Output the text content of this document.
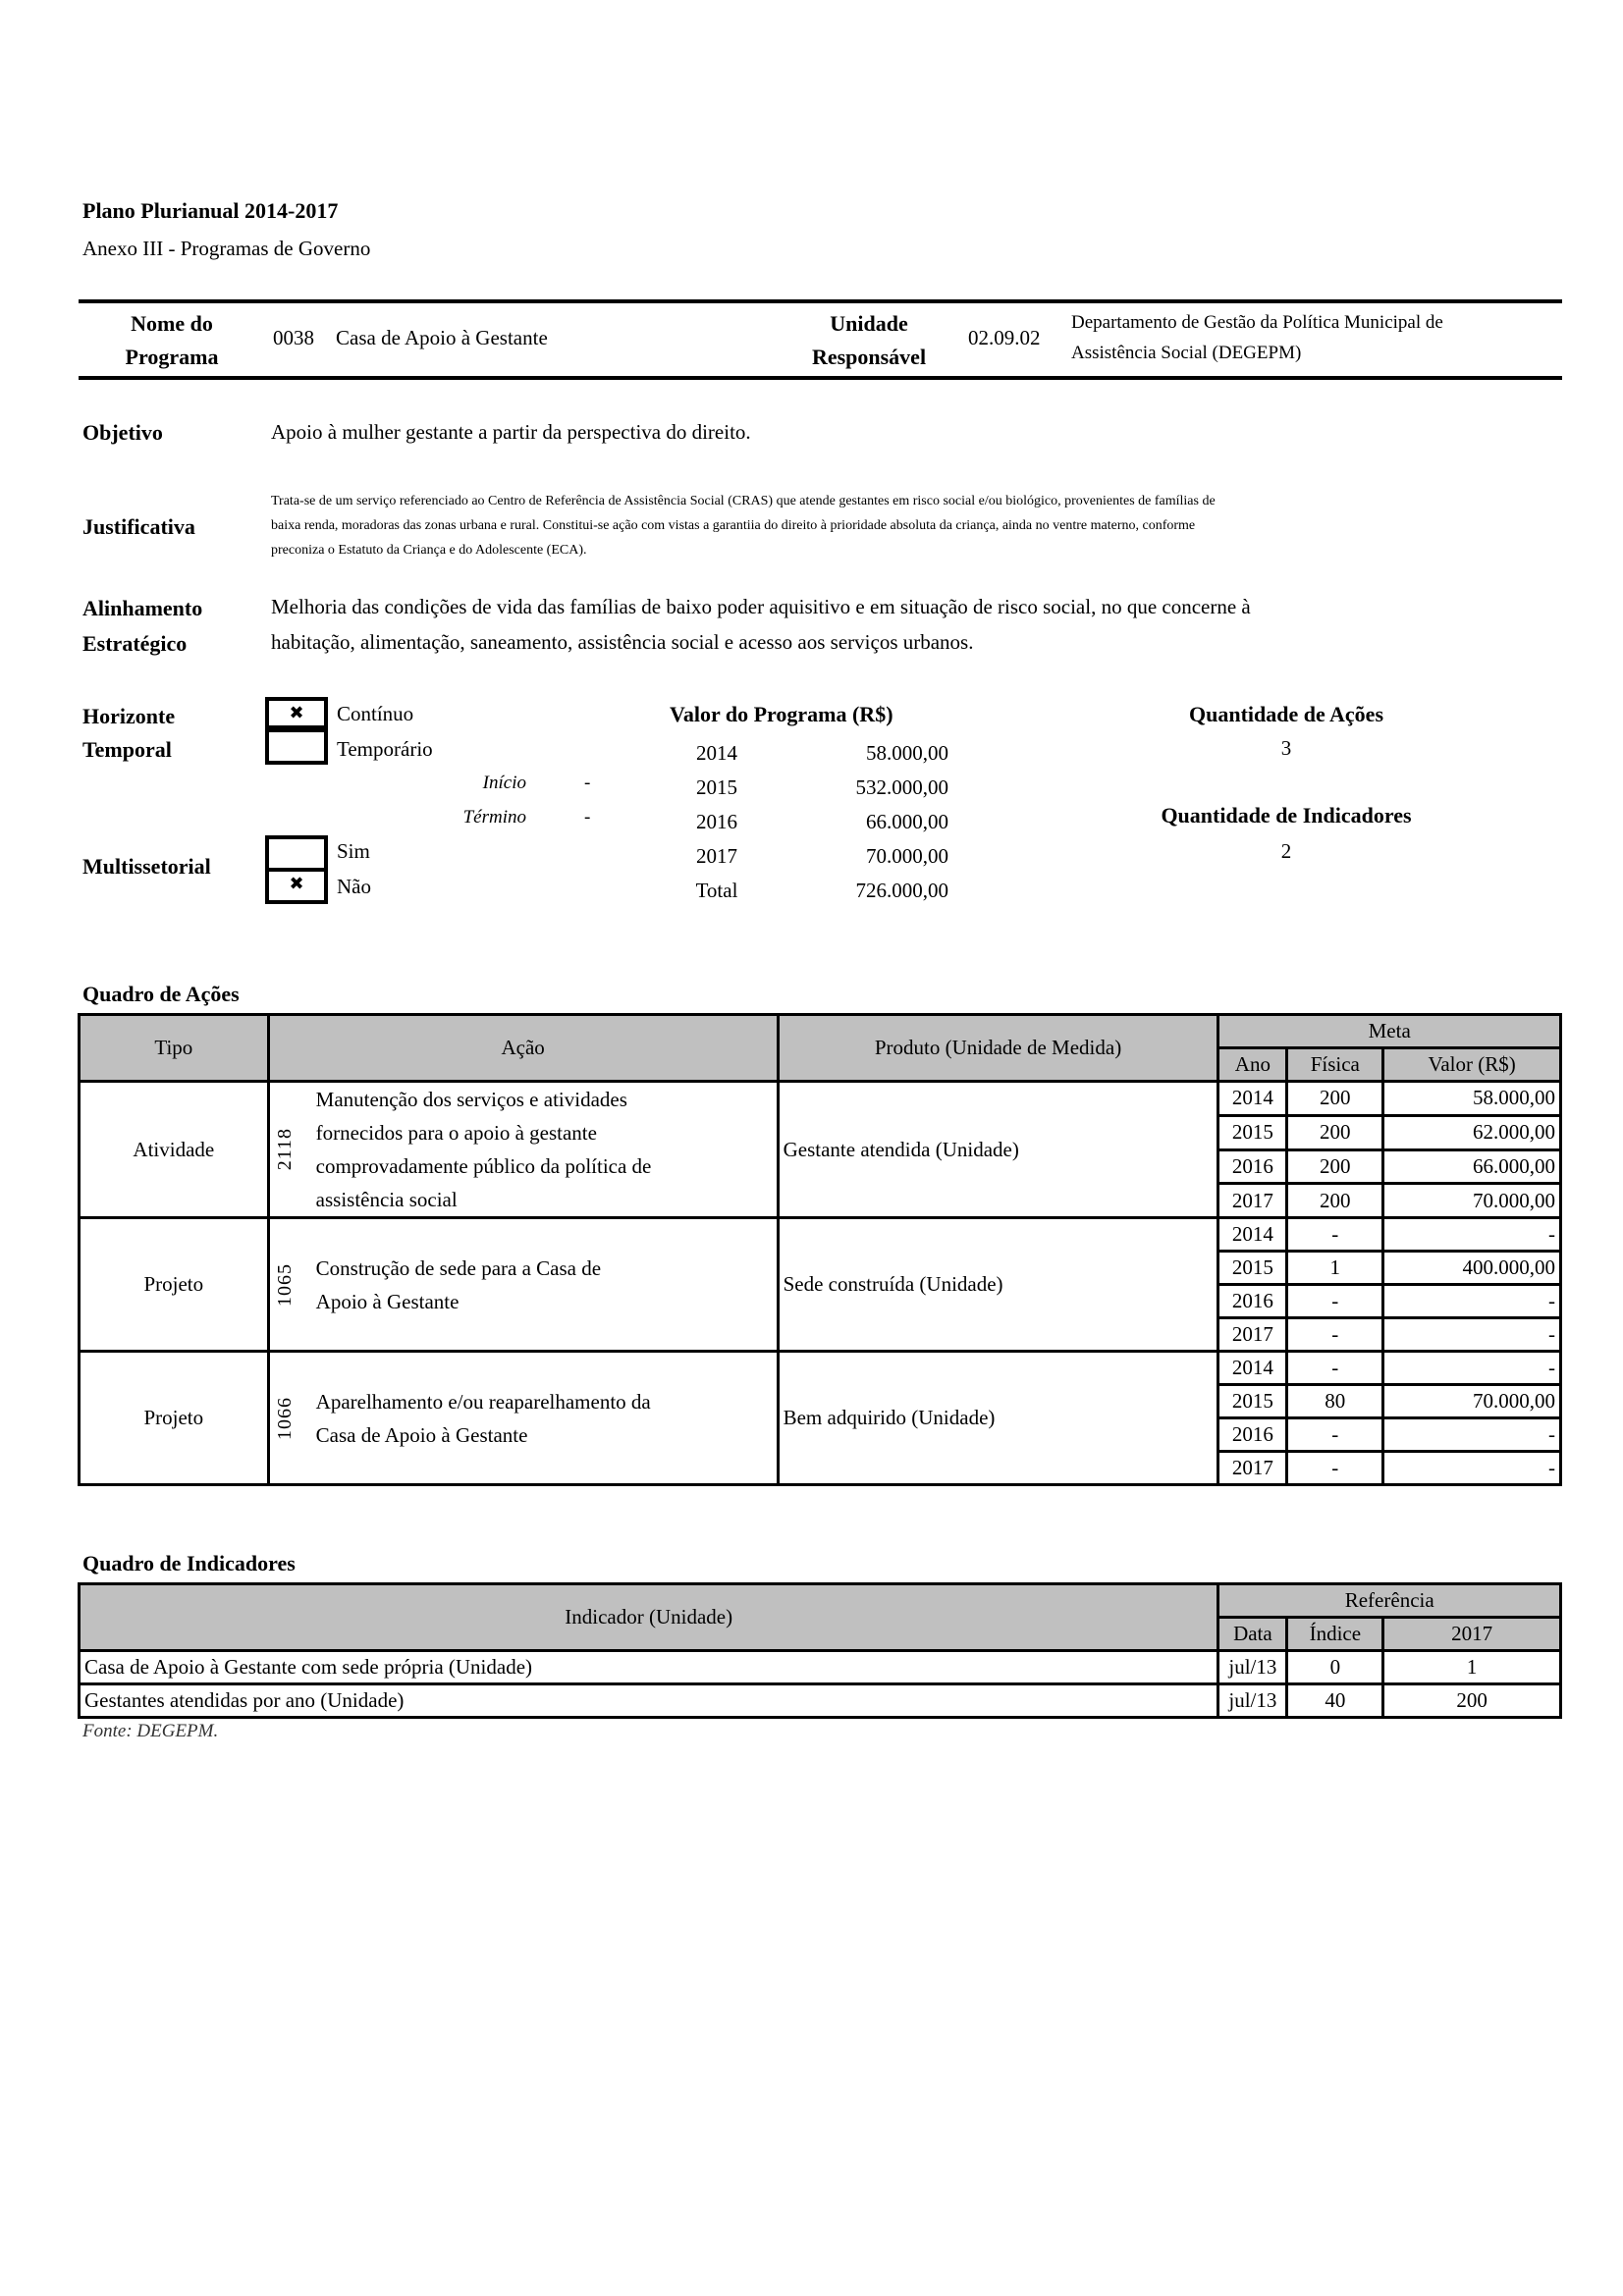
Plano Plurianual 2014-2017
Anexo III - Programas de Governo
Nome do
Programa
0038 Casa de Apoio à Gestante
Unidade
Responsável
02.09.02
Departamento de Gestão da Política Municipal de
Assistência Social (DEGEPM)
Objetivo	Apoio à mulher gestante a partir da perspectiva do direito.
Justificativa
Trata-se de um serviço referenciado ao Centro de Referência de Assistência Social (CRAS) que atende gestantes em risco social e/ou biológico, provenientes de famílias de
baixa renda, moradoras das zonas urbana e rural. Constitui-se ação com vistas a garantiia do direito à prioridade absoluta da criança, ainda no ventre materno, conforme
preconiza o Estatuto da Criança e do Adolescente (ECA).
Alinhamento
Estratégico
Melhoria das condições de vida das famílias de baixo poder aquisitivo e em situação de risco social, no que concerne à
habitação, alimentação, saneamento, assistência social e acesso aos serviços urbanos.
Horizonte
Temporal
✖	Contínuo
Temporário
Início	-
Término	-
Multissetorial
✖
Sim
Não
Valor do Programa (R$)
2014	58.000,00
2015	532.000,00
2016	66.000,00
2017	70.000,00
Total	726.000,00
Quantidade de Ações
3
Quantidade de Indicadores
2
Quadro de Ações
Tipo	Ação	Produto (Unidade de Medida)	Meta		
			Ano	Física	Valor (R$)
Atividade	2118
Manutenção dos serviços e atividades
fornecidos para o apoio à gestante
comprovadamente público da política de
assistência social	Gestante atendida (Unidade)	2014	200	58.000,00
			2015	200	62.000,00
			2016	200	66.000,00
			2017	200	70.000,00
Projeto	1065 Construção de sede para a Casa de
Apoio à Gestante	Sede construída (Unidade)	2014	-	-
			2015	1	400.000,00
			2016	-	-
			2017	-	-
Projeto	1066 Aparelhamento e/ou reaparelhamento da
Casa de Apoio à Gestante	Bem adquirido (Unidade)	2014	-	-
			2015	80	70.000,00
			2016	-	-
			2017	-	-
Quadro de Indicadores
Indicador (Unidade)	Referência		
	Data	Índice	2017
Casa de Apoio à Gestante com sede própria (Unidade)	jul/13	0	1
Gestantes atendidas por ano (Unidade)	jul/13	40	200
Fonte: DEGEPM.
